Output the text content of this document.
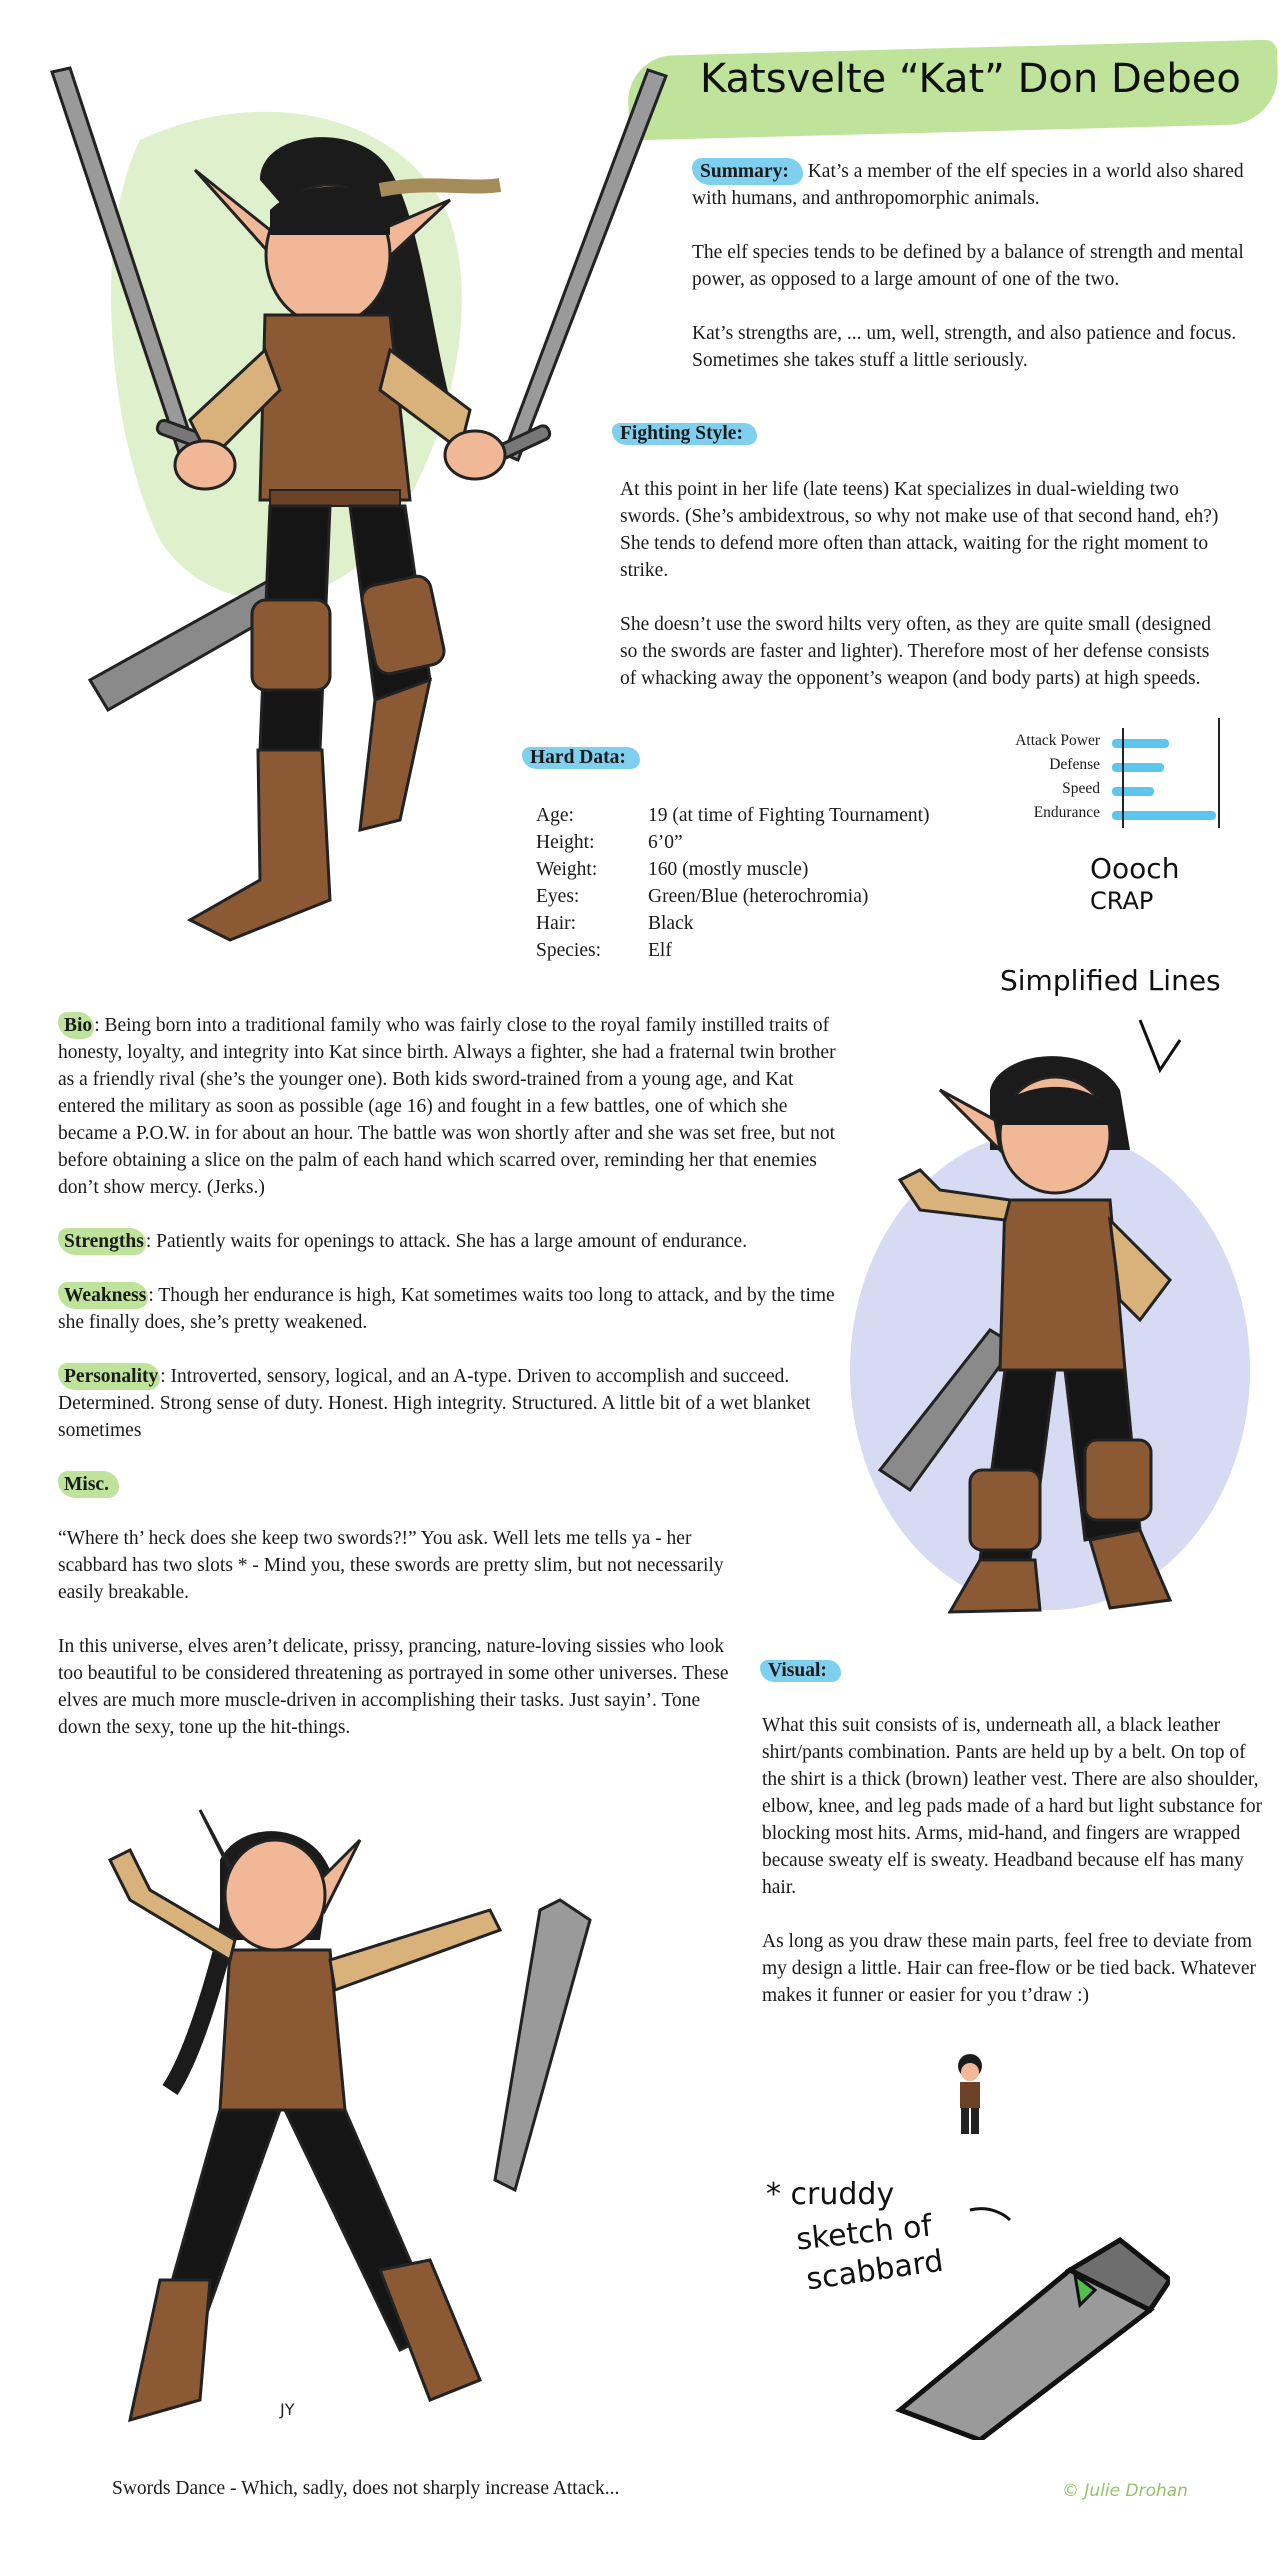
Katsvelte “Kat” Don Debeo

Summary: Kat’s a member of the elf species in a world also shared with humans, and anthropomorphic animals.

The elf species tends to be defined by a balance of strength and mental power, as opposed to a large amount of one of the two.

Kat’s strengths are, ... um, well, strength, and also patience and focus. Sometimes she takes stuff a little seriously.

Fighting Style:

At this point in her life (late teens) Kat specializes in dual-wielding two swords. (She’s ambidextrous, so why not make use of that second hand, eh?) She tends to defend more often than attack, waiting for the right moment to strike.

She doesn’t use the sword hilts very often, as they are quite small (designed so the swords are faster and lighter). Therefore most of her defense consists of whacking away the opponent’s weapon (and body parts) at high speeds.

Attack Power
Defense
Speed
Endurance
Oooch
CRAP
Hard Data:
Age:	19 (at time of Fighting Tournament)
Height:	6’0”
Weight:	160 (mostly muscle)
Eyes:	Green/Blue (heterochromia)
Hair:	Black
Species:	Elf

Bio : Being born into a traditional family who was fairly close to the royal family instilled traits of honesty, loyalty, and integrity into Kat since birth. Always a fighter, she had a fraternal twin brother as a friendly rival (she’s the younger one). Both kids sword-trained from a young age, and Kat entered the military as soon as possible (age 16) and fought in a few battles, one of which she became a P.O.W. in for about an hour. The battle was won shortly after and she was set free, but not before obtaining a slice on the palm of each hand which scarred over, reminding her that enemies don’t show mercy. (Jerks.)

Strengths : Patiently waits for openings to attack. She has a large amount of endurance.

Weakness : Though her endurance is high, Kat sometimes waits too long to attack, and by the time she finally does, she’s pretty weakened.

Personality : Introverted, sensory, logical, and an A-type. Driven to accomplish and succeed. Determined. Strong sense of duty. Honest. High integrity. Structured. A little bit of a wet blanket sometimes

Misc.

“Where th’ heck does she keep two swords?!” You ask. Well lets me tells ya - her scabbard has two slots * - Mind you, these swords are pretty slim, but not necessarily easily breakable.

In this universe, elves aren’t delicate, prissy, prancing, nature-loving sissies who look too beautiful to be considered threatening as portrayed in some other universes. These elves are much more muscle-driven in accomplishing their tasks. Just sayin’. Tone down the sexy, tone up the hit-things.

Simplified Lines
Visual:

What this suit consists of is, underneath all, a black leather shirt/pants combination. Pants are held up by a belt. On top of the shirt is a thick (brown) leather vest. There are also shoulder, elbow, knee, and leg pads made of a hard but light substance for blocking most hits. Arms, mid-hand, and fingers are wrapped because sweaty elf is sweaty. Headband because elf has many hair.

As long as you draw these main parts, feel free to deviate from my design a little. Hair can free-flow or be tied back. Whatever makes it funner or easier for you t’draw :)

* cruddy
sketch of
scabbard
JY
Swords Dance - Which, sadly, does not sharply increase Attack...	© Julie Drohan
